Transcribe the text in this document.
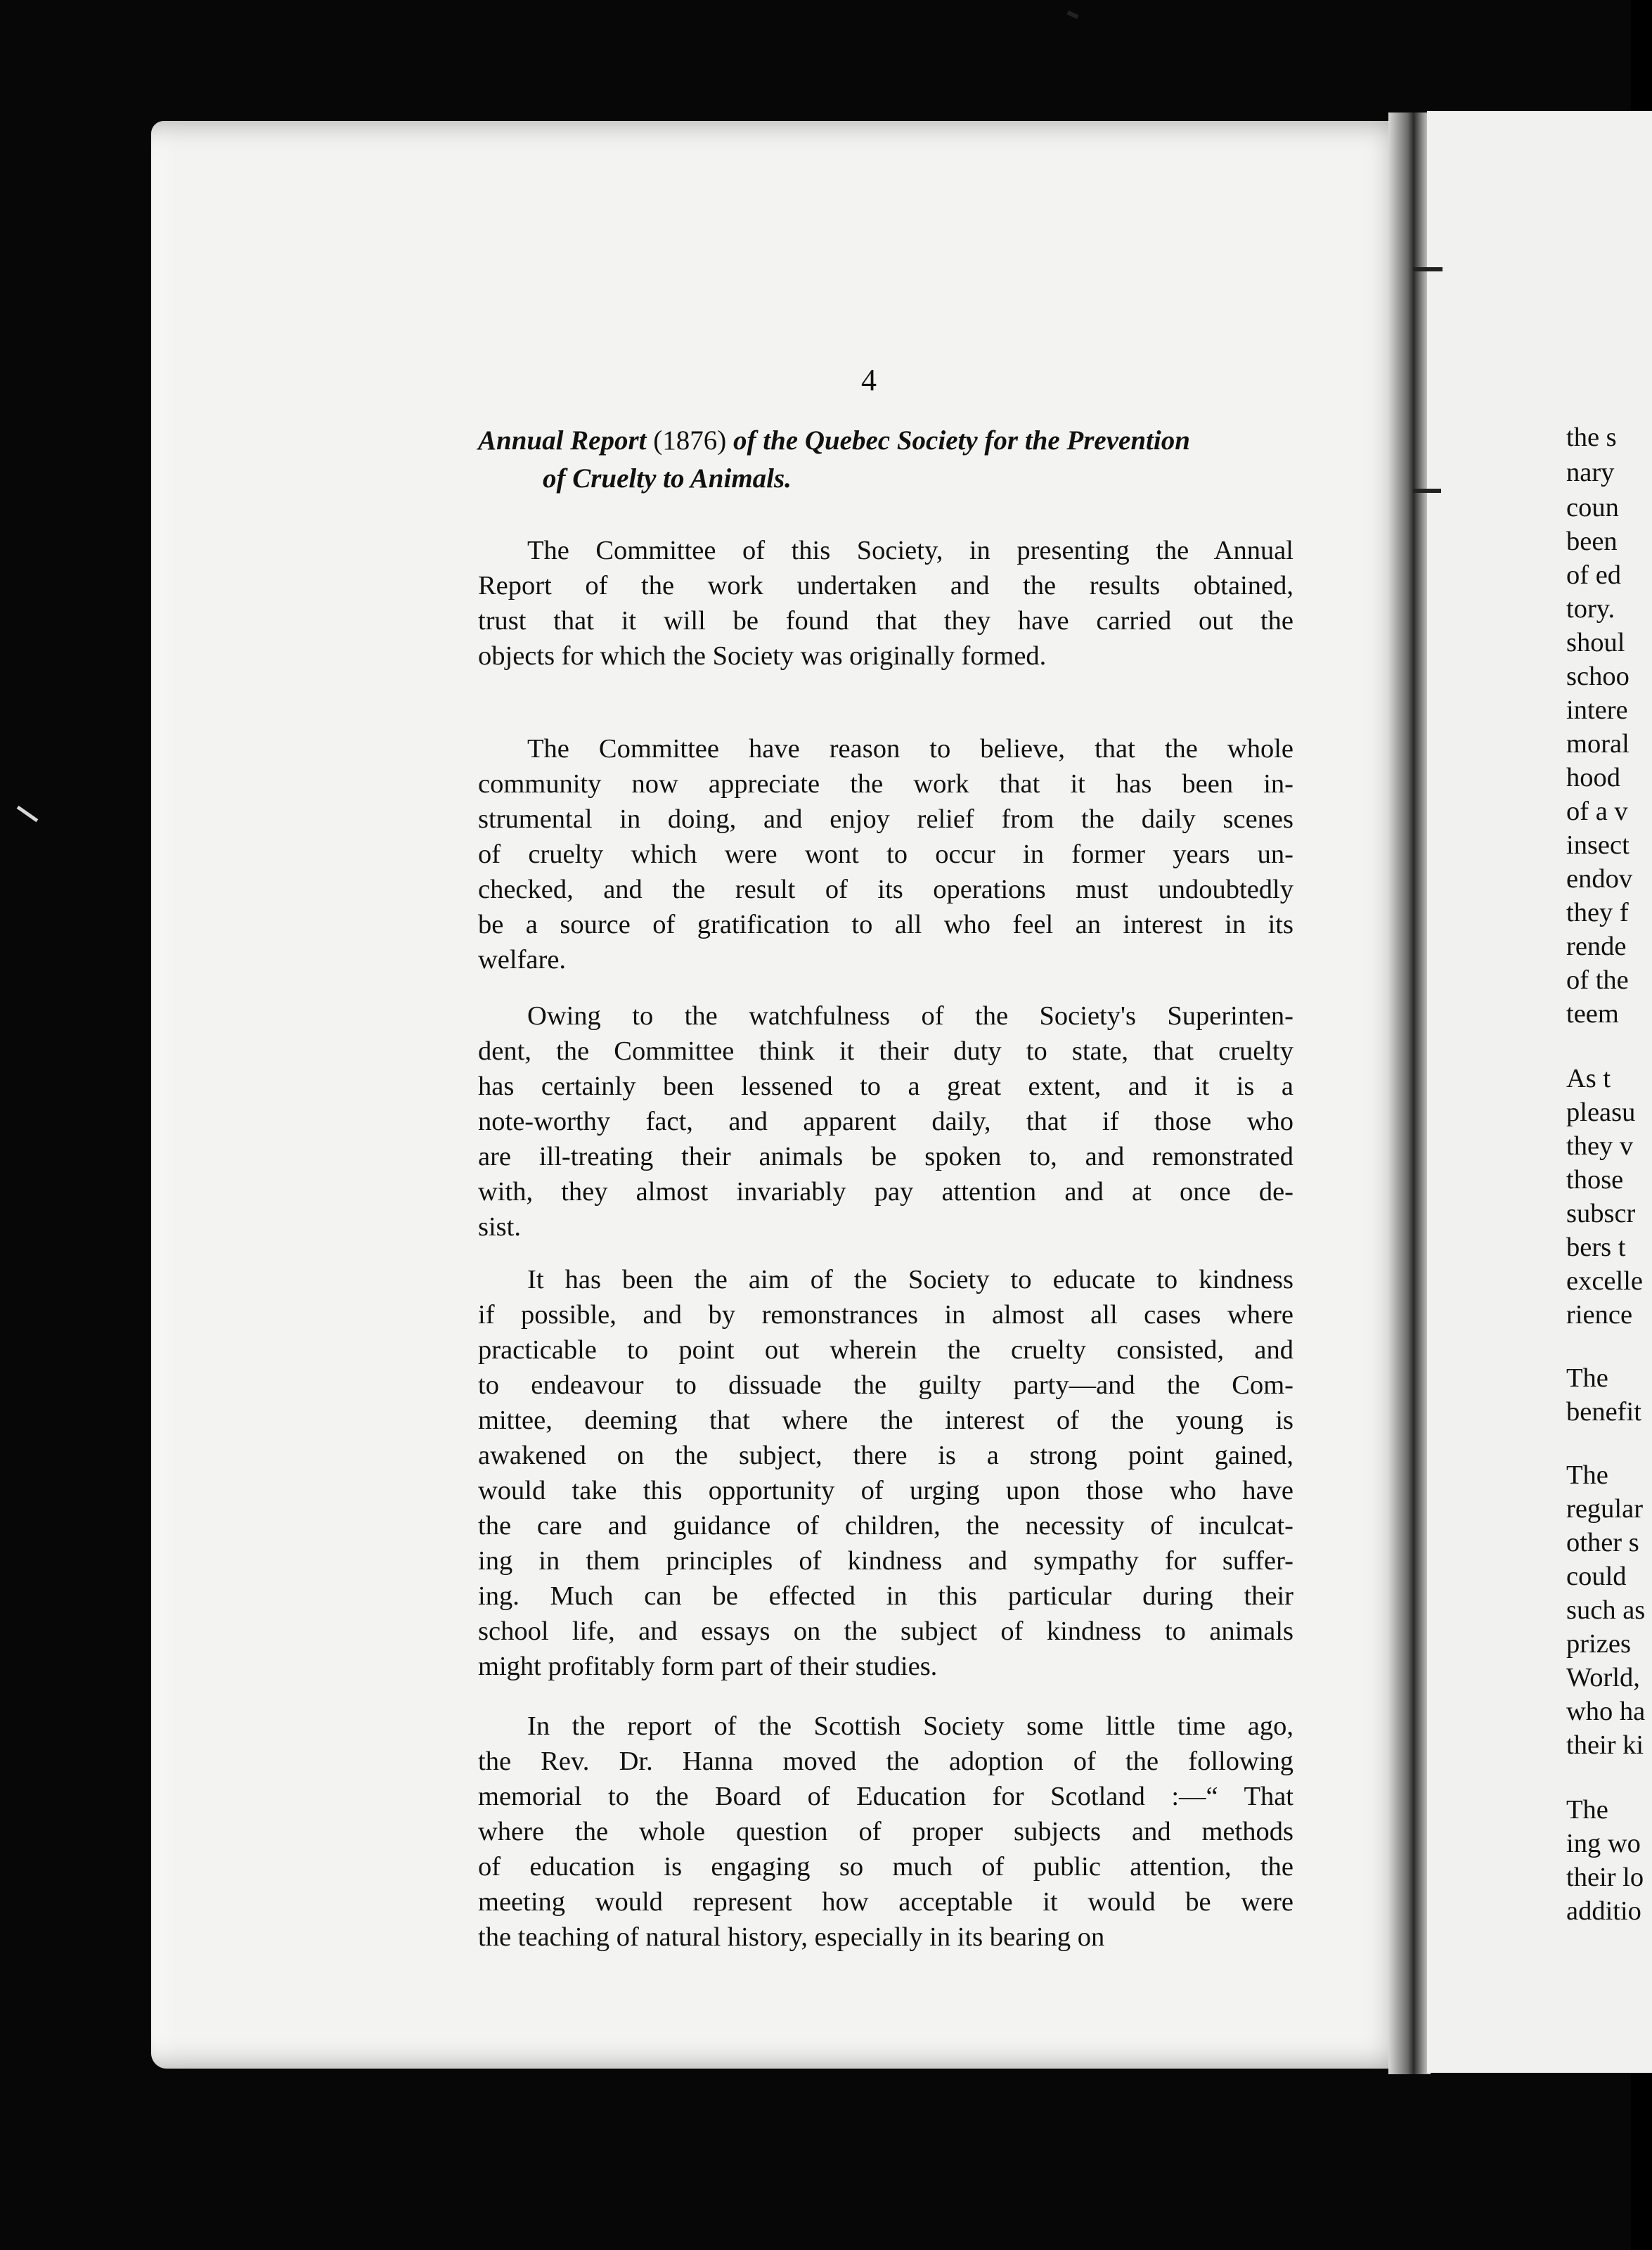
4
Annual Report (1876) of the Quebec Society for the Prevention
of Cruelty to Animals.
The Committee of this Society, in presenting the Annual
Report of the work undertaken and the results obtained,
trust that it will be found that they have carried out the
objects for which the Society was originally formed.
The Committee have reason to believe, that the whole
community now appreciate the work that it has been in-
strumental in doing, and enjoy relief from the daily scenes
of cruelty which were wont to occur in former years un-
checked, and the result of its operations must undoubtedly
be a source of gratification to all who feel an interest in its
welfare.
Owing to the watchfulness of the Society's Superinten-
dent, the Committee think it their duty to state, that cruelty
has certainly been lessened to a great extent, and it is a
note-worthy fact, and apparent daily, that if those who
are ill-treating their animals be spoken to, and remonstrated
with, they almost invariably pay attention and at once de-
sist.
It has been the aim of the Society to educate to kindness
if possible, and by remonstrances in almost all cases where
practicable to point out wherein the cruelty consisted, and
to endeavour to dissuade the guilty party—and the Com-
mittee, deeming that where the interest of the young is
awakened on the subject, there is a strong point gained,
would take this opportunity of urging upon those who have
the care and guidance of children, the necessity of inculcat-
ing in them principles of kindness and sympathy for suffer-
ing. Much can be effected in this particular during their
school life, and essays on the subject of kindness to animals
might profitably form part of their studies.
In the report of the Scottish Society some little time ago,
the Rev. Dr. Hanna moved the adoption of the following
memorial to the Board of Education for Scotland :—“ That
where the whole question of proper subjects and methods
of education is engaging so much of public attention, the
meeting would represent how acceptable it would be were
the teaching of natural history, especially in its bearing on
the s
nary
coun
been
of ed
tory.
shoul
schoo
intere
moral
hood
of a v
insect
endov
they f
rende
of the
teem
As t
pleasu
they v
those
subscr
bers t
excelle
rience
The
benefit
The
regular
other s
could
such as
prizes
World,
who ha
their ki
The
ing wo
their lo
additio
